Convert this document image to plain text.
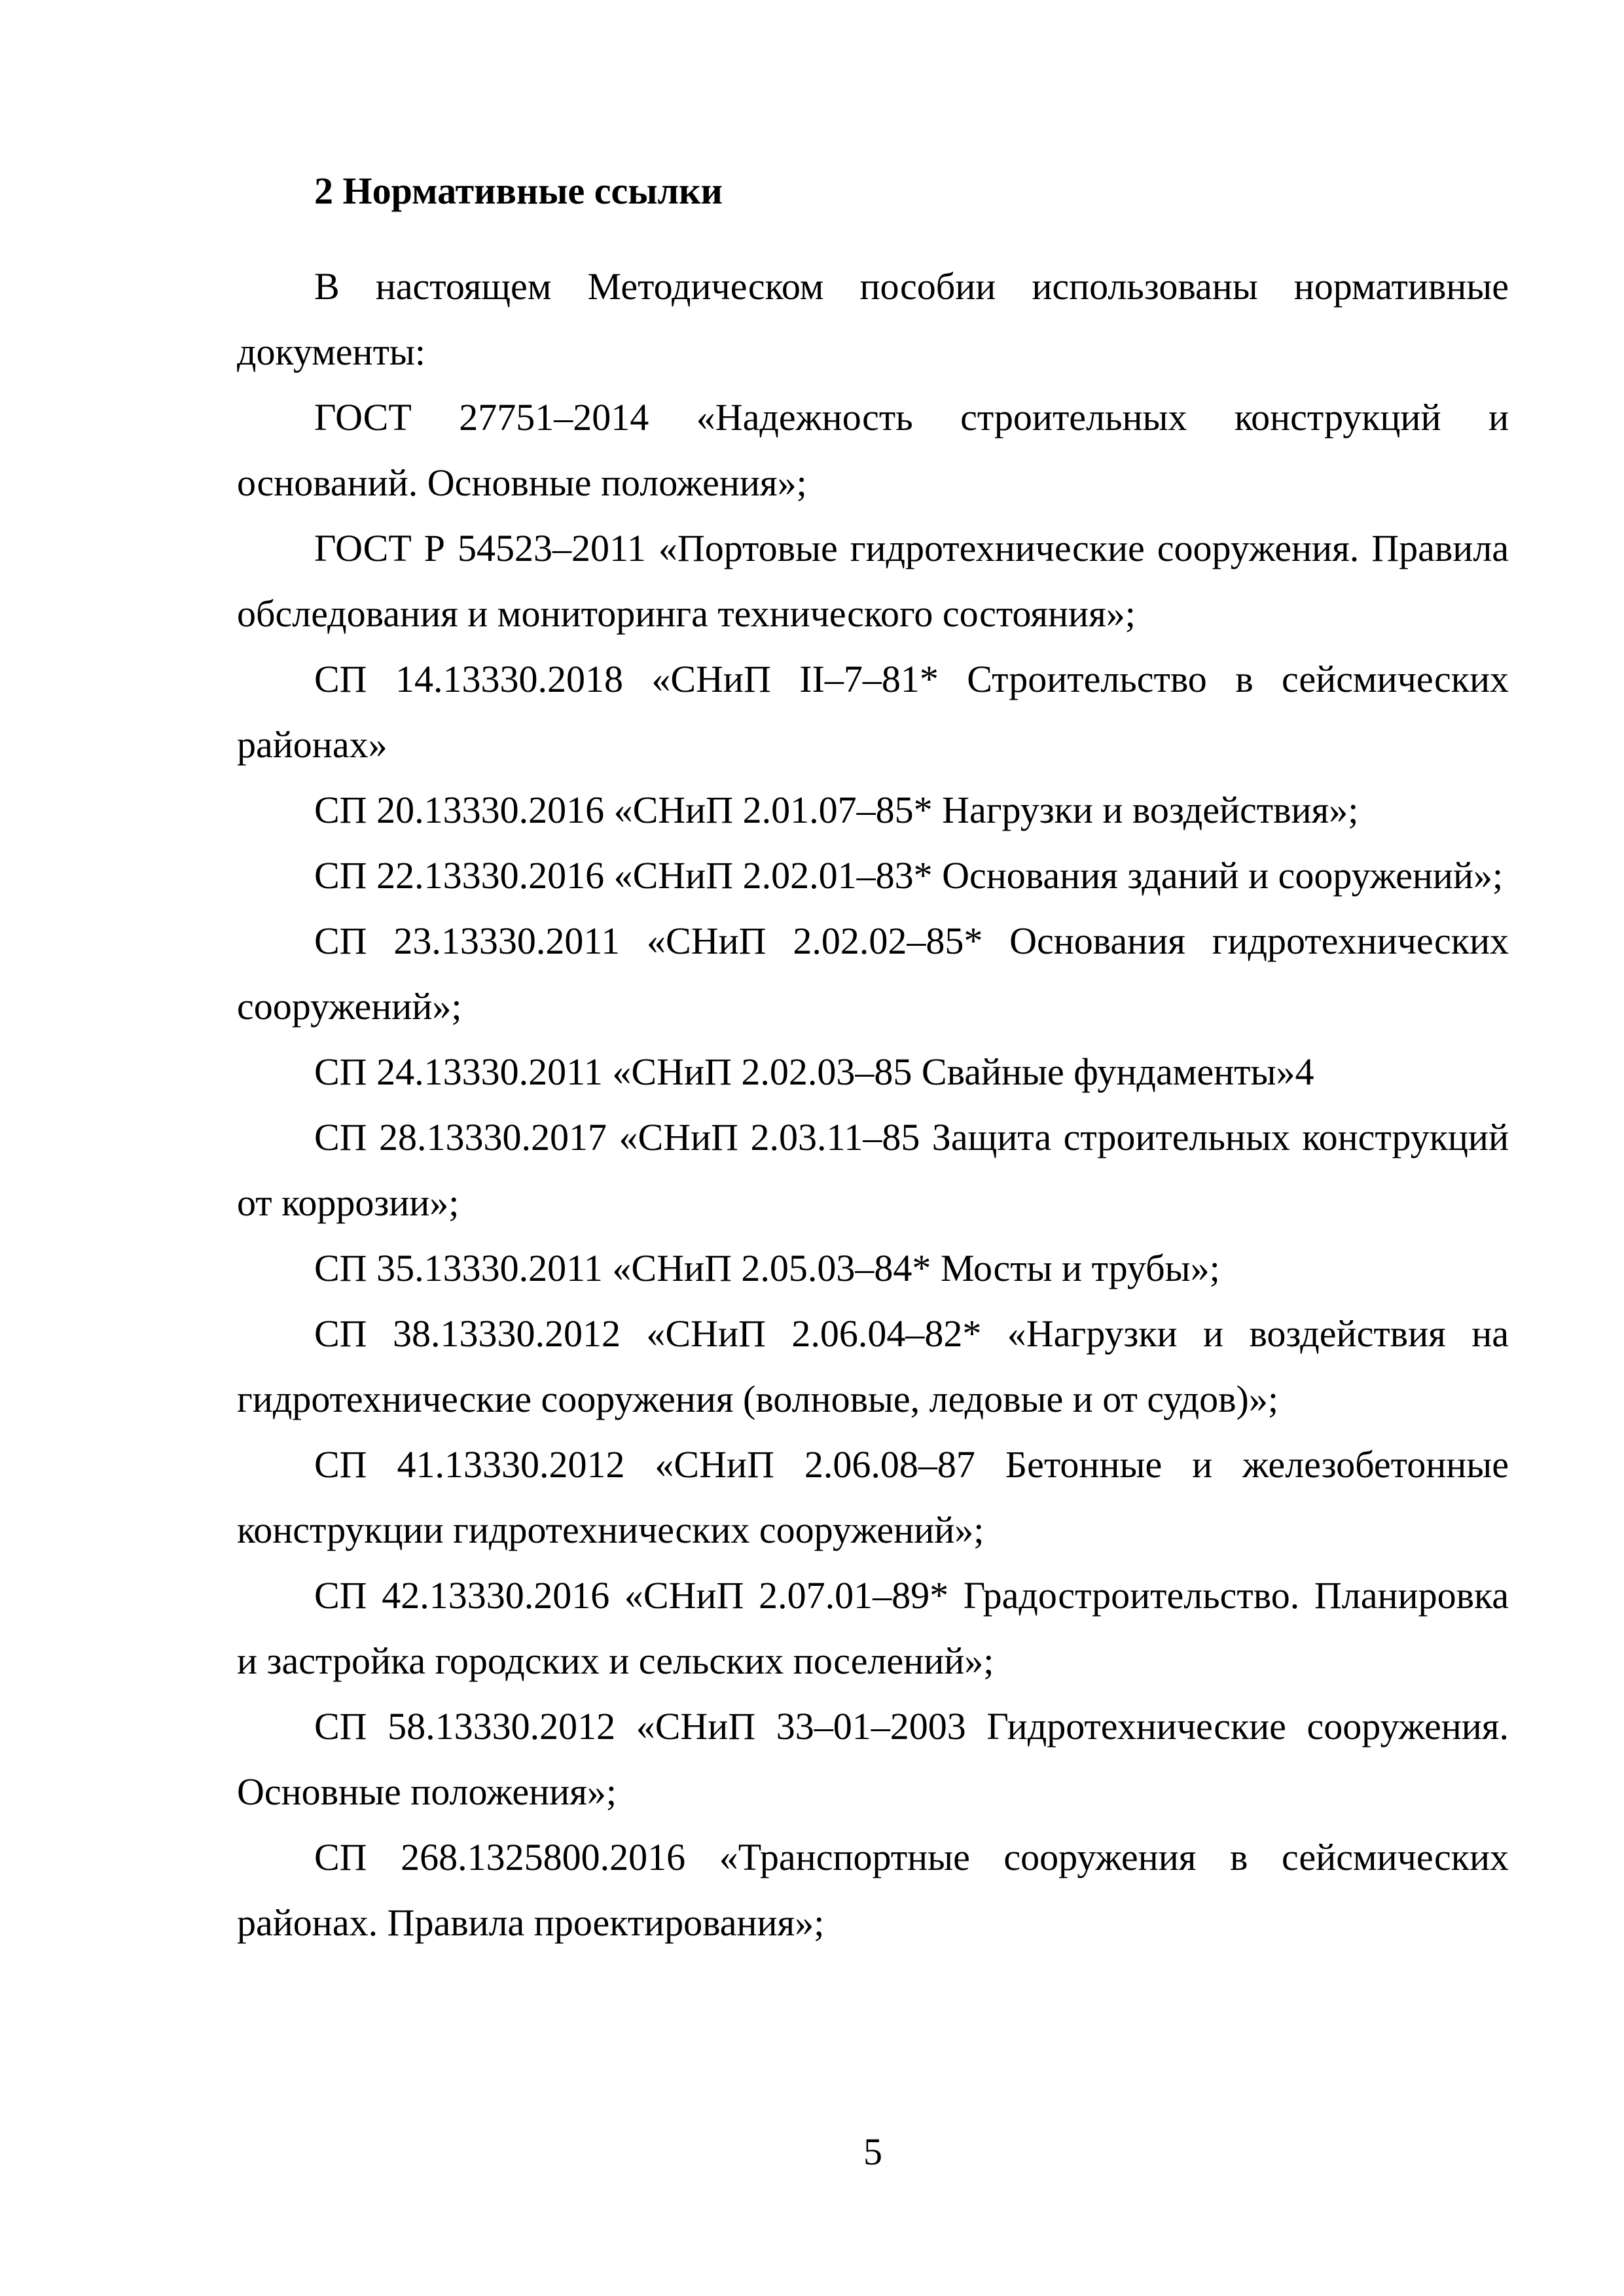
2 Нормативные ссылки

В настоящем Методическом пособии использованы нормативные документы:

ГОСТ 27751–2014 «Надежность строительных конструкций и оснований. Основные положения»;

ГОСТ Р 54523–2011 «Портовые гидротехнические сооружения. Правила обследования и мониторинга технического состояния»;

СП 14.13330.2018 «СНиП II–7–81* Строительство в сейсмических районах»

СП 20.13330.2016 «СНиП 2.01.07–85* Нагрузки и воздействия»;

СП 22.13330.2016 «СНиП 2.02.01–83* Основания зданий и сооружений»;

СП 23.13330.2011 «СНиП 2.02.02–85* Основания гидротехнических сооружений»;

СП 24.13330.2011 «СНиП 2.02.03–85 Свайные фундаменты»4

СП 28.13330.2017 «СНиП 2.03.11–85 Защита строительных конструкций от коррозии»;

СП 35.13330.2011 «СНиП 2.05.03–84* Мосты и трубы»;

СП 38.13330.2012 «СНиП 2.06.04–82* «Нагрузки и воздействия на гидротехнические сооружения (волновые, ледовые и от судов)»;

СП 41.13330.2012 «СНиП 2.06.08–87 Бетонные и железобетонные конструкции гидротехнических сооружений»;

СП 42.13330.2016 «СНиП 2.07.01–89* Градостроительство. Планировка и застройка городских и сельских поселений»;

СП 58.13330.2012 «СНиП 33–01–2003 Гидротехнические сооружения. Основные положения»;

СП 268.1325800.2016 «Транспортные сооружения в сейсмических районах. Правила проектирования»;

5
